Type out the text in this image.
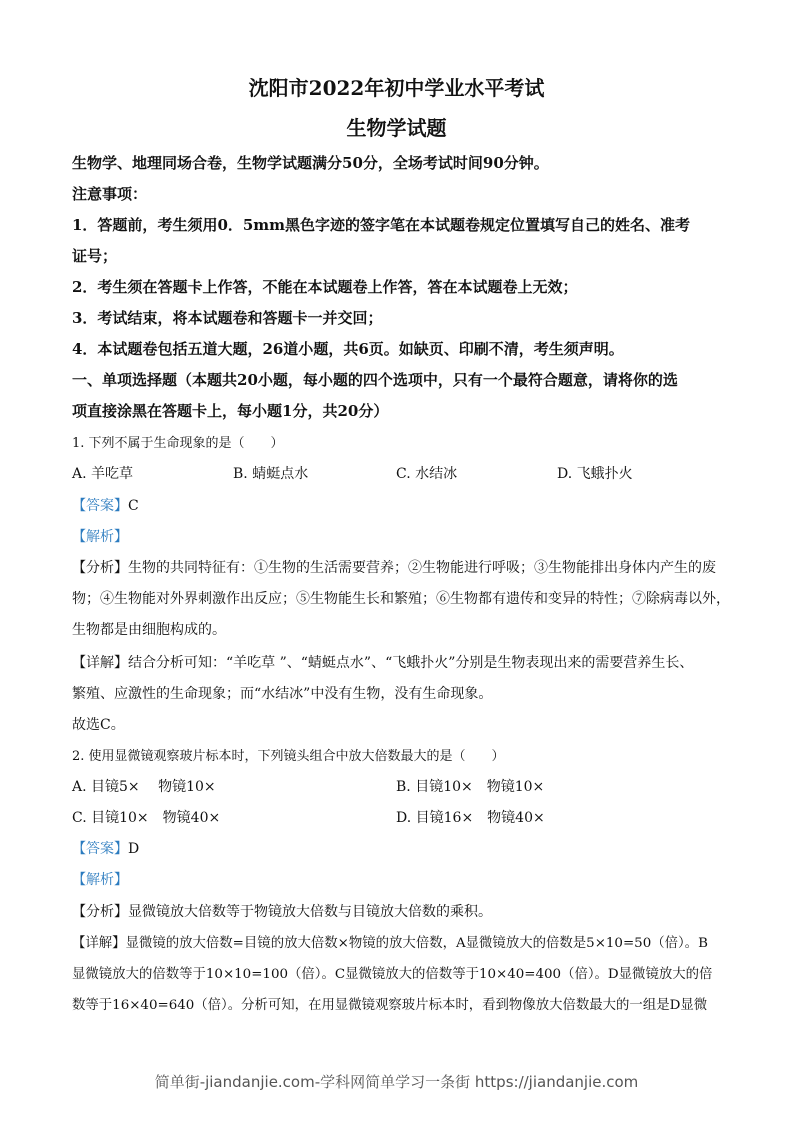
沈阳市2022年初中学业水平考试
生物学试题
生物学、地理同场合卷，生物学试题满分50分，全场考试时间90分钟。
注意事项：
1．答题前，考生须用0．5mm黑色字迹的签字笔在本试题卷规定位置填写自己的姓名、准考
证号；
2．考生须在答题卡上作答，不能在本试题卷上作答，答在本试题卷上无效；
3．考试结束，将本试题卷和答题卡一并交回；
4．本试题卷包括五道大题，26道小题，共6页。如缺页、印刷不清，考生须声明。
一、单项选择题（本题共20小题，每小题的四个选项中，只有一个最符合题意，请将你的选
项直接涂黑在答题卡上，每小题1分，共20分）
1. 下列不属于生命现象的是（　　）
A. 羊吃草	B. 蜻蜓点水	C. 水结冰	D. 飞蛾扑火
【答案】C
【解析】
【分析】生物的共同特征有：①生物的生活需要营养；②生物能进行呼吸；③生物能排出身体内产生的废
物；④生物能对外界刺激作出反应；⑤生物能生长和繁殖；⑥生物都有遗传和变异的特性；⑦除病毒以外，
生物都是由细胞构成的。
【详解】结合分析可知：“羊吃草 ”、“蜻蜓点水”、“飞蛾扑火”分别是生物表现出来的需要营养生长、
繁殖、应激性的生命现象；而“水结冰”中没有生物，没有生命现象。
故选C。
2. 使用显微镜观察玻片标本时，下列镜头组合中放大倍数最大的是（　　）
A. 目镜5×　 物镜10×	B. 目镜10×　物镜10×
C. 目镜10×　物镜40×	D. 目镜16×　物镜40×
【答案】D
【解析】
【分析】显微镜放大倍数等于物镜放大倍数与目镜放大倍数的乘积。
【详解】显微镜的放大倍数=目镜的放大倍数×物镜的放大倍数，A显微镜放大的倍数是5×10=50（倍）。B
显微镜放大的倍数等于10×10=100（倍）。C显微镜放大的倍数等于10×40=400（倍）。D显微镜放大的倍
数等于16×40=640（倍）。分析可知，在用显微镜观察玻片标本时，看到物像放大倍数最大的一组是D显微
简单街-jiandanjie.com-学科网简单学习一条街 https://jiandanjie.com
